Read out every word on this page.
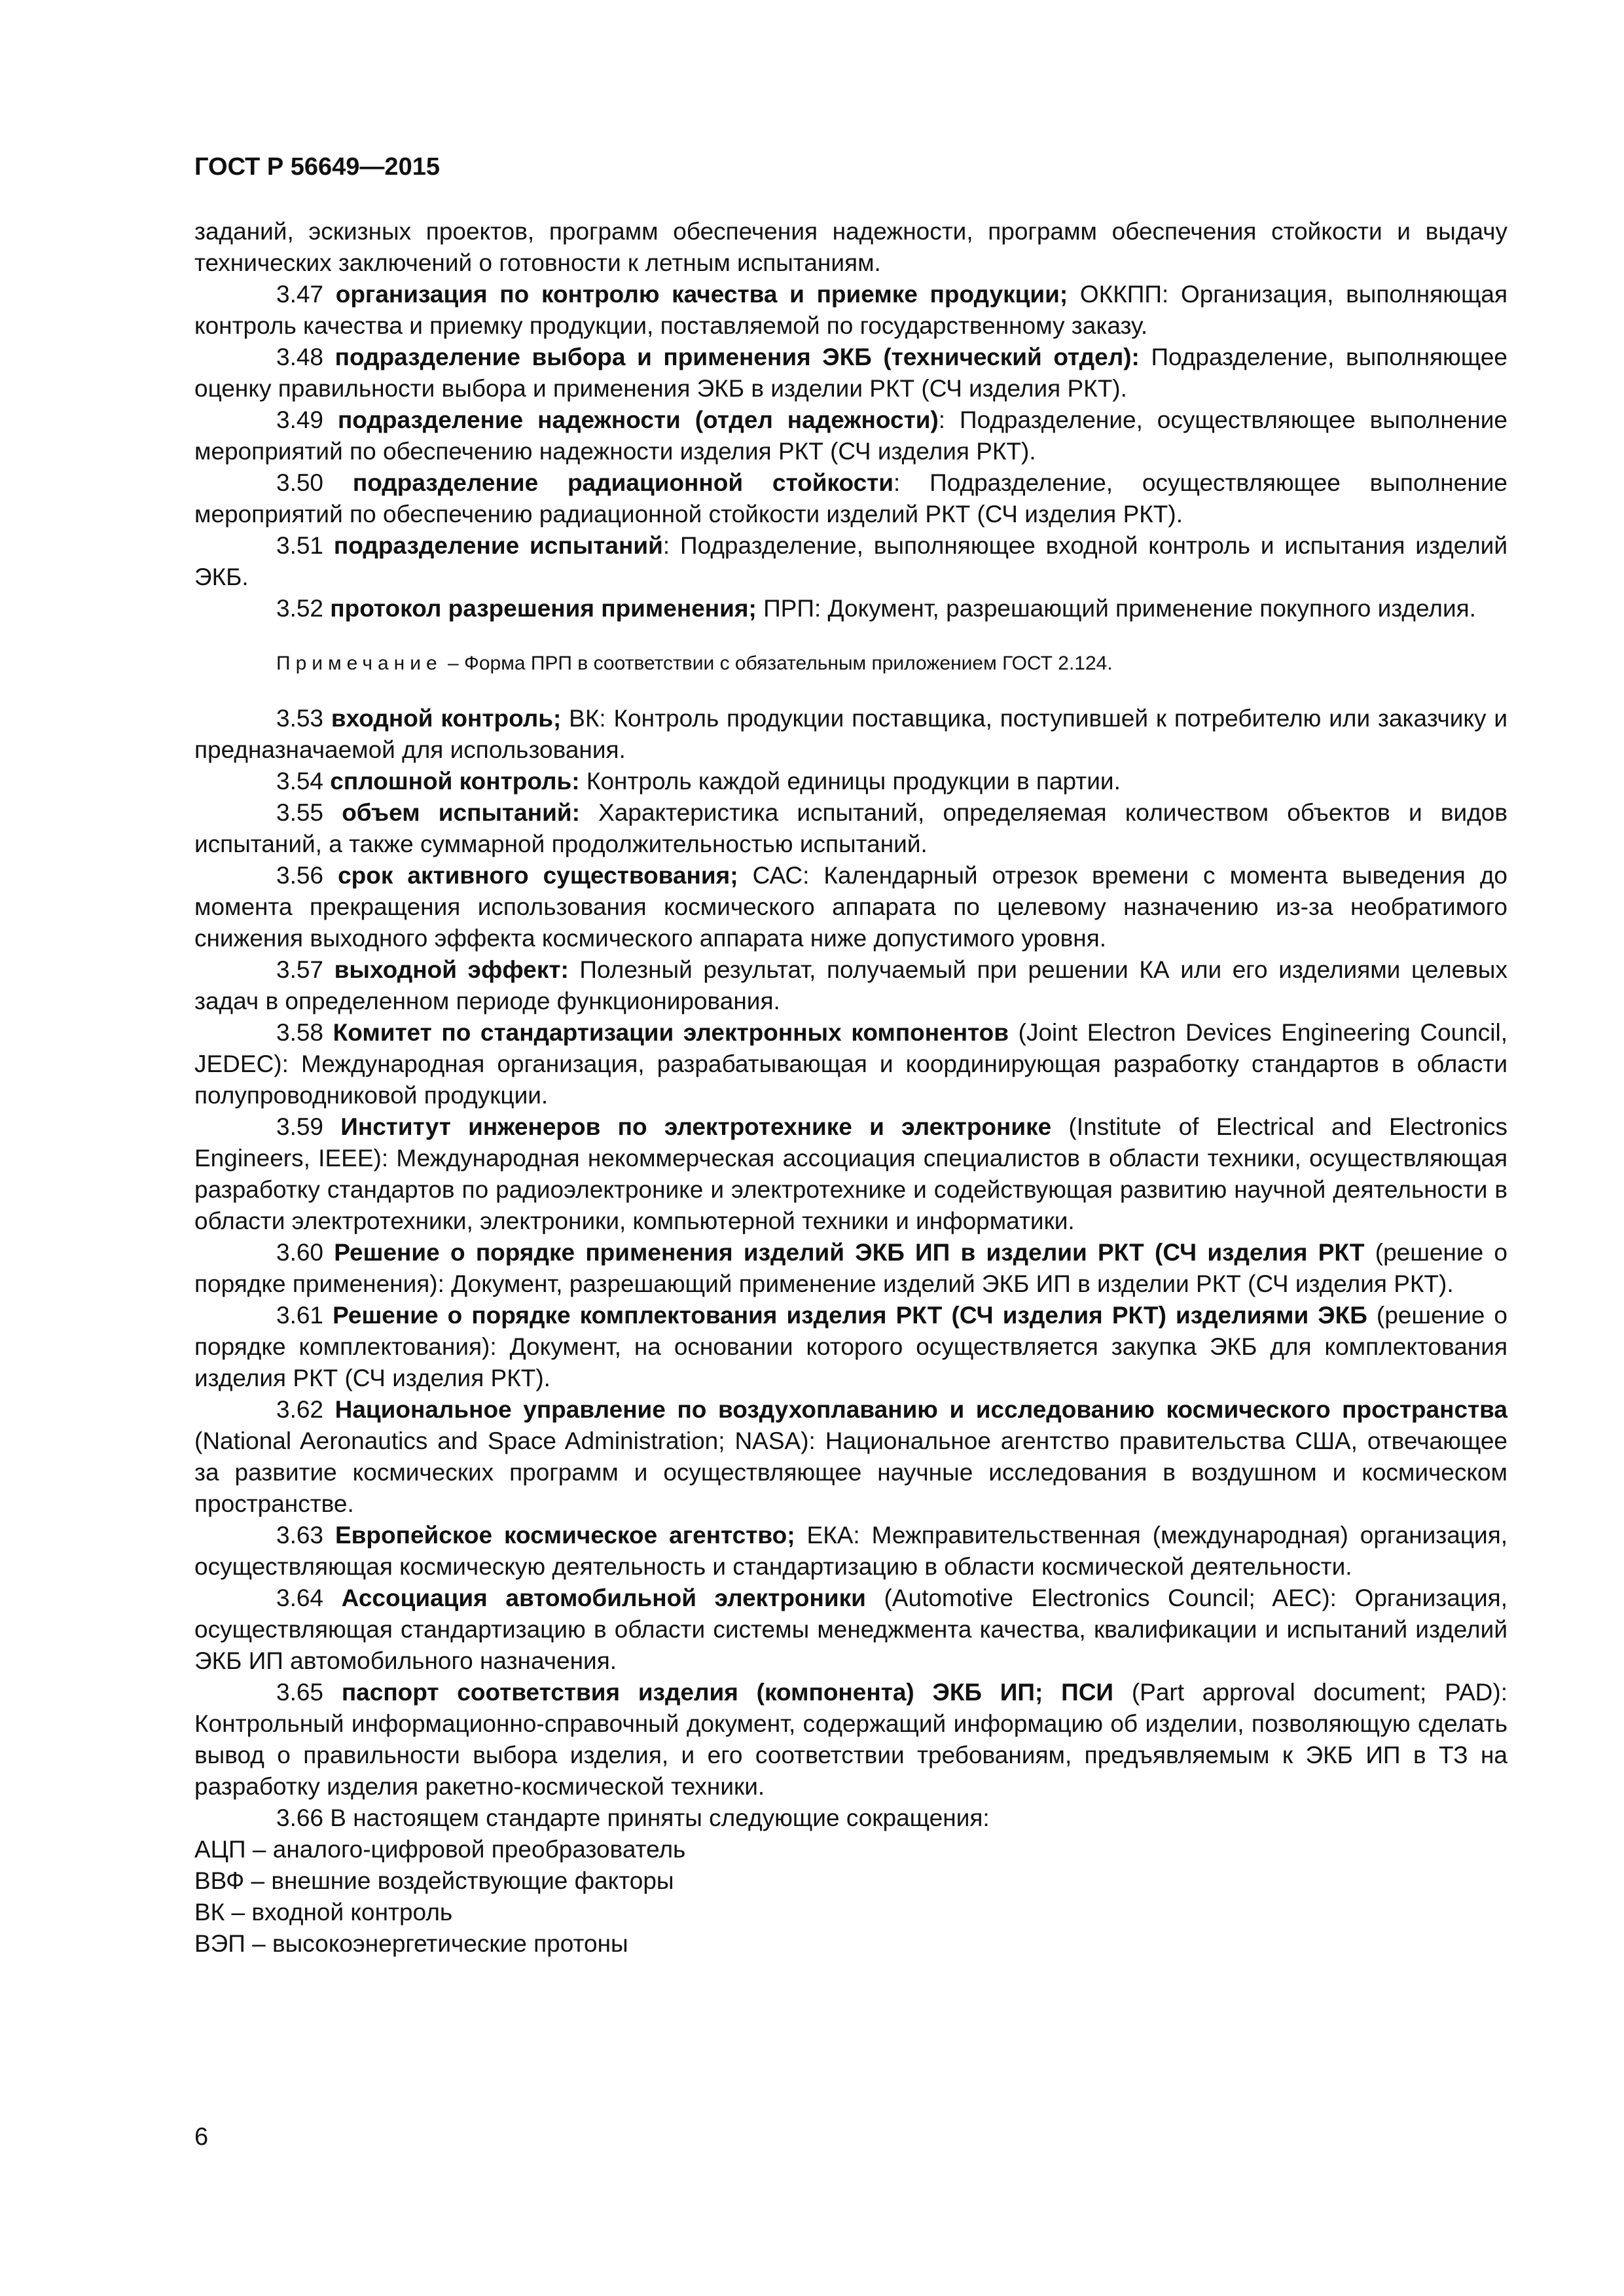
ГОСТ Р 56649—2015

заданий, эскизных проектов, программ обеспечения надежности, программ обеспечения стойкости и выдачу технических заключений о готовности к летным испытаниям.

3.47 организация по контролю качества и приемке продукции; ОККПП: Организация, выполняющая контроль качества и приемку продукции, поставляемой по государственному заказу.

3.48 подразделение выбора и применения ЭКБ (технический отдел): Подразделение, выполняющее оценку правильности выбора и применения ЭКБ в изделии РКТ (СЧ изделия РКТ).

3.49 подразделение надежности (отдел надежности): Подразделение, осуществляющее выполнение мероприятий по обеспечению надежности изделия РКТ (СЧ изделия РКТ).

3.50 подразделение радиационной стойкости: Подразделение, осуществляющее выполнение мероприятий по обеспечению радиационной стойкости изделий РКТ (СЧ изделия РКТ).

3.51 подразделение испытаний: Подразделение, выполняющее входной контроль и испытания изделий ЭКБ.

3.52 протокол разрешения применения; ПРП: Документ, разрешающий применение покупного изделия.

Примечание – Форма ПРП в соответствии с обязательным приложением ГОСТ 2.124.

3.53 входной контроль; ВК: Контроль продукции поставщика, поступившей к потребителю или заказчику и предназначаемой для использования.

3.54 сплошной контроль: Контроль каждой единицы продукции в партии.

3.55 объем испытаний: Характеристика испытаний, определяемая количеством объектов и видов испытаний, а также суммарной продолжительностью испытаний.

3.56 срок активного существования; САС: Календарный отрезок времени с момента выведения до момента прекращения использования космического аппарата по целевому назначению из-за необратимого снижения выходного эффекта космического аппарата ниже допустимого уровня.

3.57 выходной эффект: Полезный результат, получаемый при решении КА или его изделиями целевых задач в определенном периоде функционирования.

3.58 Комитет по стандартизации электронных компонентов (Joint Electron Devices Engineering Council, JEDEC): Международная организация, разрабатывающая и координирующая разработку стандартов в области полупроводниковой продукции.

3.59 Институт инженеров по электротехнике и электронике (Institute of Electrical and Electronics Engineers, IEEE): Международная некоммерческая ассоциация специалистов в области техники, осуществляющая разработку стандартов по радиоэлектронике и электротехнике и содействующая развитию научной деятельности в области электротехники, электроники, компьютерной техники и информатики.

3.60 Решение о порядке применения изделий ЭКБ ИП в изделии РКТ (СЧ изделия РКТ (решение о порядке применения): Документ, разрешающий применение изделий ЭКБ ИП в изделии РКТ (СЧ изделия РКТ).

3.61 Решение о порядке комплектования изделия РКТ (СЧ изделия РКТ) изделиями ЭКБ (решение о порядке комплектования): Документ, на основании которого осуществляется закупка ЭКБ для комплектования изделия РКТ (СЧ изделия РКТ).

3.62 Национальное управление по воздухоплаванию и исследованию космического пространства (National Aeronautics and Space Administration; NASA): Национальное агентство правительства США, отвечающее за развитие космических программ и осуществляющее научные исследования в воздушном и космическом пространстве.

3.63 Европейское космическое агентство; ЕКА: Межправительственная (международная) организация, осуществляющая космическую деятельность и стандартизацию в области космической деятельности.

3.64 Ассоциация автомобильной электроники (Automotive Electronics Council; AEC): Организация, осуществляющая стандартизацию в области системы менеджмента качества, квалификации и испытаний изделий ЭКБ ИП автомобильного назначения.

3.65 паспорт соответствия изделия (компонента) ЭКБ ИП; ПСИ (Part approval document; PAD): Контрольный информационно-справочный документ, содержащий информацию об изделии, позволяющую сделать вывод о правильности выбора изделия, и его соответствии требованиям, предъявляемым к ЭКБ ИП в ТЗ на разработку изделия ракетно-космической техники.

3.66 В настоящем стандарте приняты следующие сокращения:

АЦП – аналого-цифровой преобразователь

ВВФ – внешние воздействующие факторы

ВК – входной контроль

ВЭП – высокоэнергетические протоны

6
